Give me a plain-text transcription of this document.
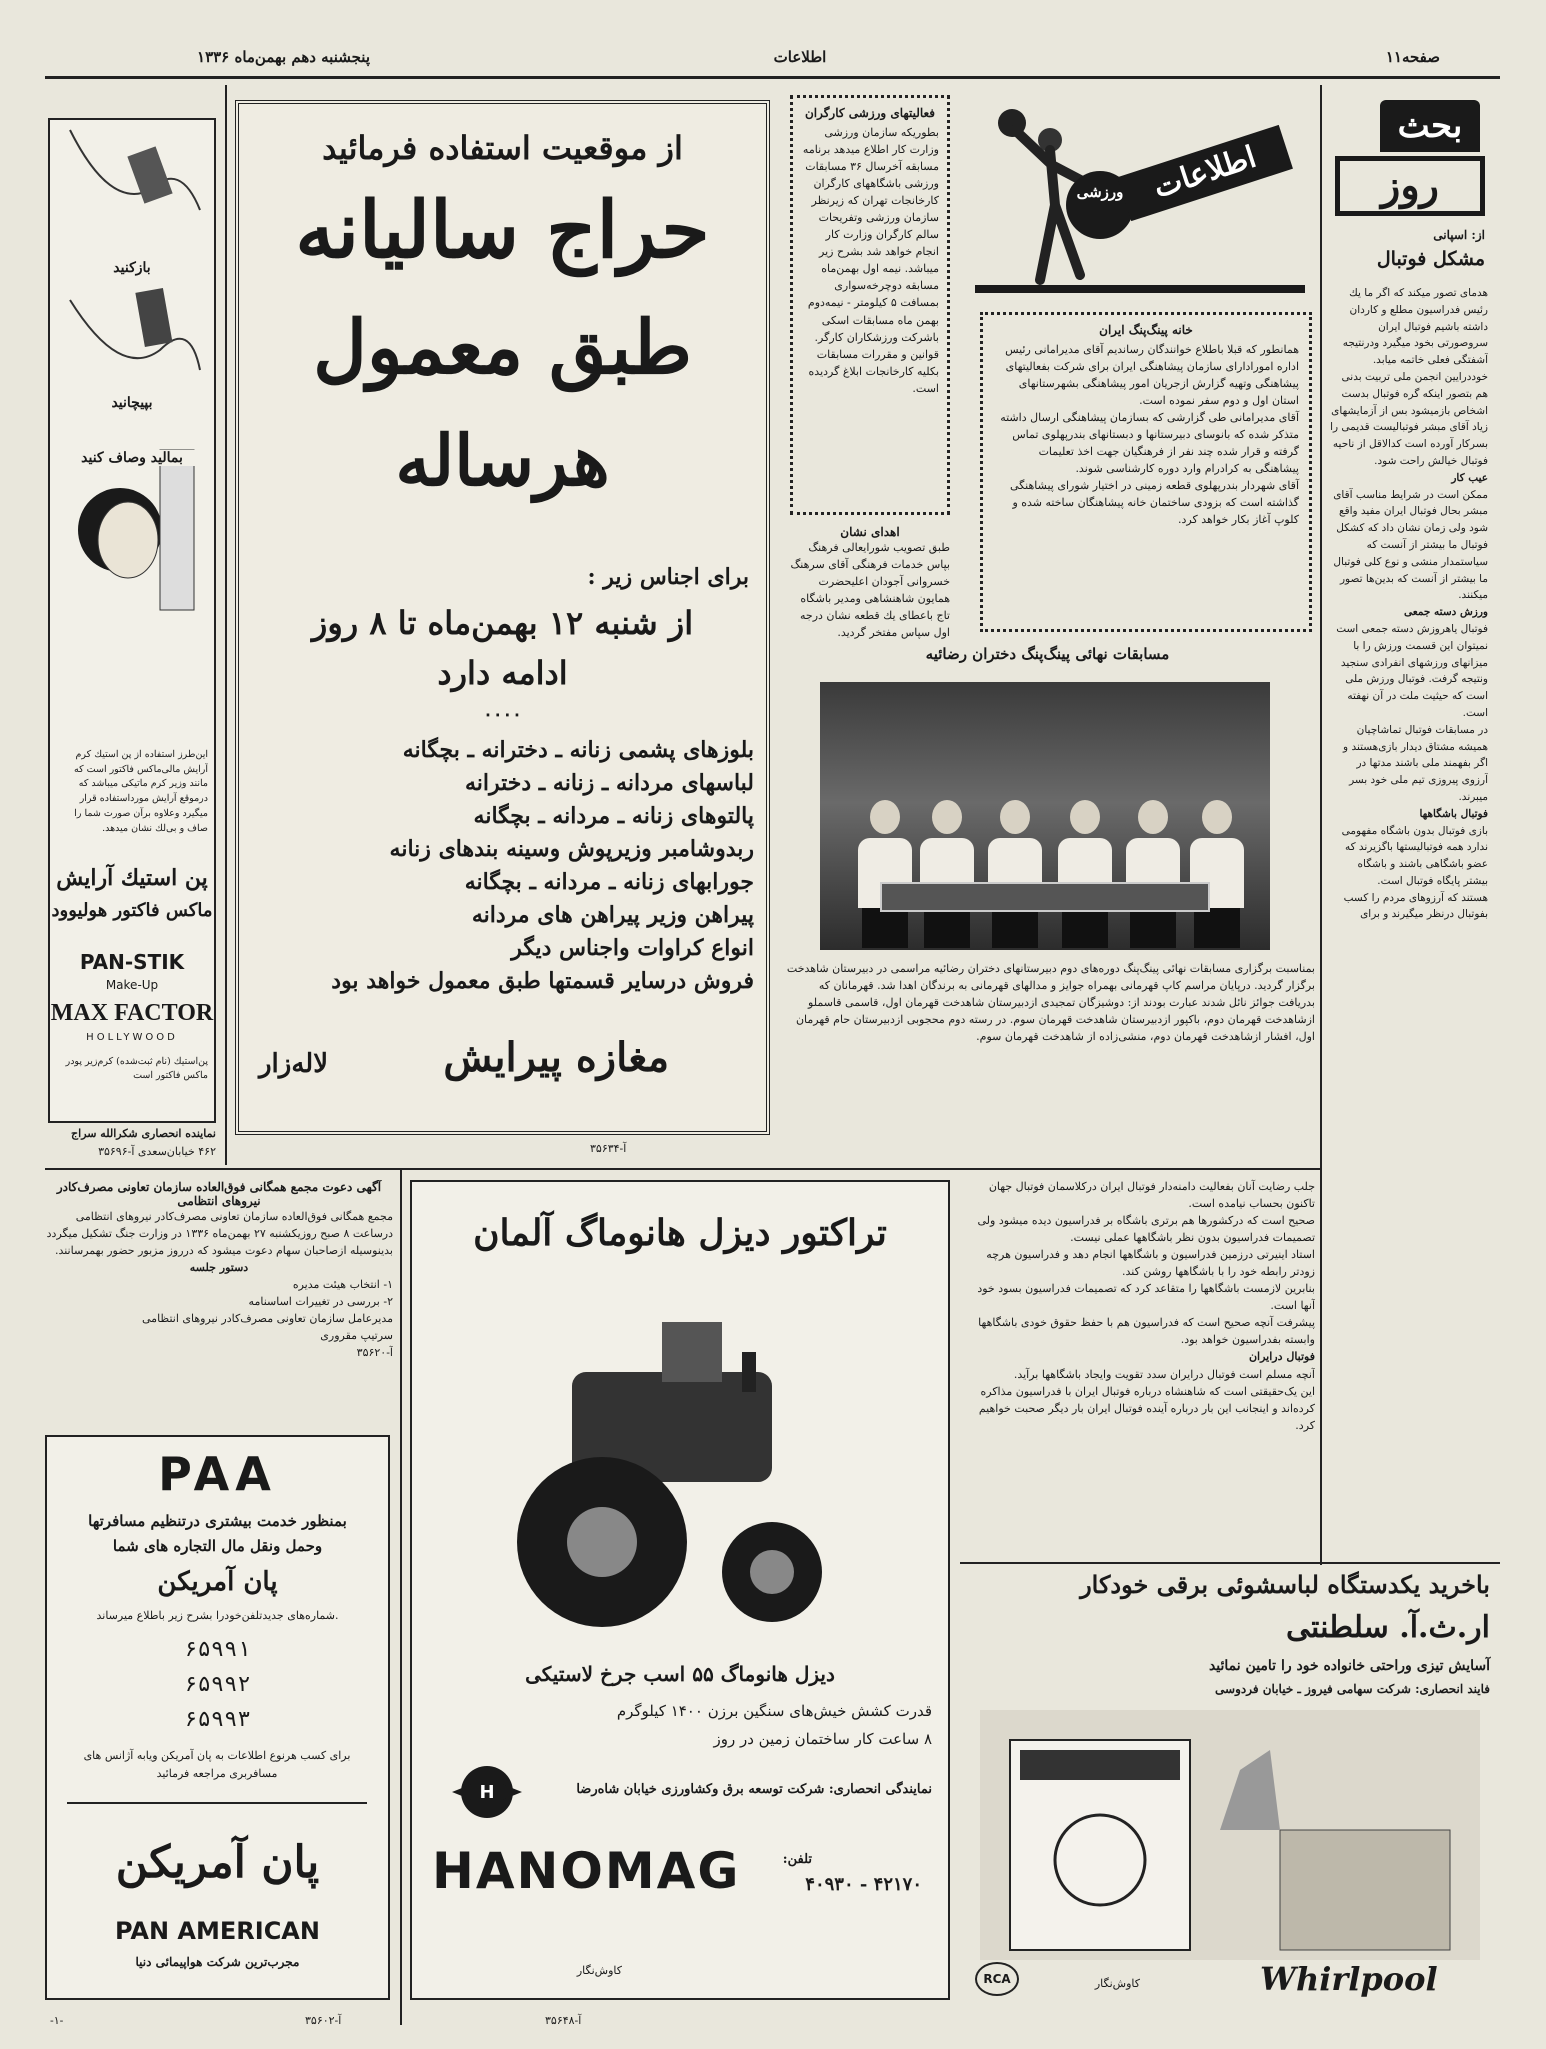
پنجشنبه دهم بهمن‌ماه ۱۳۳۶	اطلاعات	صفحه۱۱
بحث
روز
از: اسپانی
مشکل فوتبال

هدمای تصور میکند که اگر ما یك رئیس فدراسیون مطلع و کاردان داشته باشیم فوتبال ایران سروصورتی بخود میگیرد ودرنتیجه آشفتگی فعلی خاتمه میابد.

خوددرایین انجمن ملی تربیت بدنی هم بتصور اینکه گره فوتبال بدست اشخاص بازمیشود بس از آزمایشهای زیاد آقای مبشر فوتبالیست قدیمی را بسرکار آورده است کدالاقل از ناحیه فوتبال خیالش راحت شود.

عیب کار

ممکن است در شرایط مناسب آقای مبشر بحال فوتبال ایران مفید واقع شود ولی زمان نشان داد که کشکل فوتبال ما بیشتر از آنست که سیاستمدار منشی و نوع کلی فوتبال ما بیشتر از آنست که بدین‌ها تصور میکنند.

ورزش دسته جمعی

فوتبال یاهروزش دسته جمعی است نمیتوان این قسمت ورزش را با میزانهای ورزشهای انفرادی سنجید ونتیجه گرفت. فوتبال ورزش ملی است که حیثیت ملت در آن نهفته است.

در مسابقات فوتبال تماشاچیان همیشه مشتاق دیدار بازی‌هستند و اگر بفهمند ملی باشند مدتها در آرزوی پیروزی تیم ملی خود بسر میبرند.

فوتبال باشگاهها

بازی فوتبال بدون باشگاه مفهومی ندارد همه فوتبالیستها باگزیرند که عضو باشگاهی باشند و باشگاه بیشتر پایگاه فوتبال است.

هستند که آرزوهای مردم را کسب بفوتبال درنظر میگیرند و برای

اطلاعات
ورزشی
خانه پینگ‌پنگ ایران

همانطور که قبلا باطلاع خوانندگان رساندیم آقای مدیرامانی رئیس اداره امورادارای سازمان پیشاهنگی ایران برای شرکت بفعالیتهای پیشاهنگی وتهیه گزارش ازجریان امور پیشاهنگی بشهرستانهای استان اول و دوم سفر نموده است.

آقای مدیرامانی طی گزارشی که بسازمان پیشاهنگی ارسال داشته متذکر شده که بانوسای دبیرستانها و دبستانهای بندرپهلوی تماس گرفته و قرار شده چند نفر از فرهنگیان جهت اخذ تعلیمات پیشاهنگی به کرادرام وارد دوره کارشناسی شوند.

آقای شهردار بندرپهلوی قطعه زمینی در اختیار شورای پیشاهنگی گذاشته است که بزودی ساختمان خانه پیشاهنگان ساخته شده و کلوپ آغاز بکار خواهد کرد.

فعالیتهای ورزشی کارگران

بطوریکه سازمان ورزشی وزارت کار اطلاع میدهد برنامه مسابقه آخرسال ۳۶ مسابقات ورزشی باشگاههای کارگران کارخانجات تهران که زیرنظر سازمان ورزشی وتفریحات سالم کارگران وزارت کار انجام خواهد شد بشرح زیر میباشد. نیمه اول بهمن‌ماه مسابقه دوچرخه‌سواری بمسافت ۵ کیلومتر - نیمه‌دوم بهمن ماه مسابقات اسکی باشرکت ورزشکاران کارگر. قوانین و مقررات مسابقات بکلیه کارخانجات ابلاغ گردیده است.

اهدای نشان

طبق تصویب شورایعالی فرهنگ بپاس خدمات فرهنگی آقای سرهنگ خسروانی آجودان اعلیحضرت همایون شاهنشاهی ومدیر باشگاه تاج باعطای یك قطعه نشان درجه اول سپاس مفتخر گردید.

مسابقات نهائی پینگ‌پنگ دختران رضائیه
بمناسبت برگزاری مسابقات نهائی پینگ‌پنگ دوره‌های دوم دبیرستانهای دختران رضائیه مراسمی در دبیرستان شاهدخت برگزار گردید. درپایان مراسم کاپ قهرمانی بهمراه جوایز و مدالهای قهرمانی به برندگان اهدا شد. قهرمانان که بدریافت جوائز نائل شدند عبارت بودند از: دوشیزگان تمجیدی ازدبیرستان شاهدخت قهرمان اول، قاسمی قاسملو ازشاهدخت قهرمان دوم، باکپور ازدبیرستان شاهدخت قهرمان سوم. در رسته دوم محجوبی ازدبیرستان حام قهرمان اول، افشار ازشاهدخت قهرمان دوم، منشی‌زاده از شاهدخت قهرمان سوم.
از موقعیت استفاده فرمائید
حراج سالیانه
طبق معمول
هرساله
برای اجناس زیر :
از شنبه ۱۲ بهمن‌ماه تا ۸ روز
ادامه دارد
۰۰۰۰

بلوزهای پشمی زنانه ـ دخترانه ـ بچگانه

لباسهای مردانه ـ زنانه ـ دخترانه

پالتوهای زنانه ـ مردانه ـ بچگانه

ربدوشامبر وزیرپوش وسینه بندهای زنانه

جورابهای زنانه ـ مردانه ـ بچگانه

پیراهن وزیر پیراهن های مردانه

انواع کراوات واجناس دیگر

فروش درسایر قسمتها طبق معمول خواهد بود

مغازه پیرایش
لاله‌زار
آ-۳۵۶۳۴
بازکنید
بپیچانید
بمالید وصاف کنید
این‌طرز استفاده از پن استیك کرم آرایش مالی‌ماکس فاکتور است که مانند وزیر کرم ماتیکی میباشد که درموقع آرایش مورداستفاده قرار میگیرد وعلاوه برآن صورت شما را صاف و بی‌لك نشان میدهد.
پن استیك آرایش
ماکس فاکتور هولیوود
PAN-STIK
Make-Up
MAX FACTOR
HOLLYWOOD
پن‌استیك (نام ثبت‌شده) کرم‌زیر پودر ماکس فاکتور است
نماینده انحصاری شکرالله سراج
۴۶۲ خیابان‌سعدی آ-۳۵۶۹۶
آگهی دعوت مجمع همگانی فوق‌العاده سازمان تعاونی مصرف‌کادر نیروهای انتظامی

مجمع همگانی فوق‌العاده سازمان تعاونی مصرف‌کادر نیروهای انتظامی درساعت ۸ صبح روزیکشنبه ۲۷ بهمن‌ماه ۱۳۳۶ در وزارت جنگ تشکیل میگردد بدینوسیله ازصاحبان سهام دعوت میشود که درروز مزبور حضور بهمرسانند.

دستور جلسه

۱- انتخاب هیئت مدیره

۲- بررسی در تغییرات اساسنامه

مدیرعامل سازمان تعاونی مصرف‌کادر نیروهای انتظامی

سرتیپ مقروری

آ-۳۵۶۲۰

PAA
بمنظور خدمت بیشتری درتنظیم مسافرتها
وحمل ونقل مال التجاره های شما
پان آمریکن
شماره‌های جدیدتلفن‌خودرا بشرح زیر باطلاع میرساند.
۶۵۹۹۱
۶۵۹۹۲
۶۵۹۹۳
برای کسب هرنوع اطلاعات به پان آمریکن ویابه آژانس های مسافربری مراجعه فرمائید
پان آمریکن
PAN AMERICAN
مجرب‌ترین شرکت هواپیمائی دنیا
-۱-	آ-۳۵۶۰۲
تراکتور دیزل هانوماگ آلمان
دیزل هانوماگ ۵۵ اسب جرخ لاستیکی
قدرت کشش خیش‌های سنگین برزن ۱۴۰۰ کیلوگرم
۸ ساعت کار ساختمان زمین در روز
H	نمایندگی انحصاری: شرکت توسعه برق وکشاورزی خیابان شاه‌رضا
HANOMAG	تلفن:
۴۲۱۷۰ - ۴۰۹۳۰
کاوش‌نگار
آ-۳۵۶۴۸

جلب رضایت آنان بفعالیت دامنه‌دار فوتبال ایران درکلاسمان فوتبال جهان تاکنون بحساب نیامده است.

صحیح است که درکشورها هم برتری باشگاه بر فدراسیون دیده میشود ولی تصمیمات فدراسیون بدون نظر باشگاهها عملی نیست.

استاد اینیرتی درزمین فدراسیون و باشگاهها انجام دهد و فدراسیون هرچه زودتر رابطه خود را با باشگاهها روشن کند.

بنابرین لازمست باشگاهها را متقاعد کرد که تصمیمات فدراسیون بسود خود آنها است.

پیشرفت آنچه صحیح است که فدراسیون هم با حفظ حقوق خودی باشگاهها وابسته بفدراسیون خواهد بود.

فوتبال درایران

آنچه مسلم است فوتبال درایران سدد تقویت وایجاد باشگاهها برآید.

این یک‌حقیقتی است که شاهنشاه درباره فوتبال ایران با فدراسیون مذاکره کرده‌اند و اینجانب این بار درباره آینده فوتبال ایران بار دیگر صحبت خواهیم کرد.

باخرید یکدستگاه لباسشوئی برقی خودکار
ار.ث.آ. سلطنتی
آسایش تیزی وراحتی خانواده خود را تامین نمائید
فایند انحصاری: شرکت سهامی فیروز ـ خیابان فردوسی
RCA	کاوش‌نگار	Whirlpool
